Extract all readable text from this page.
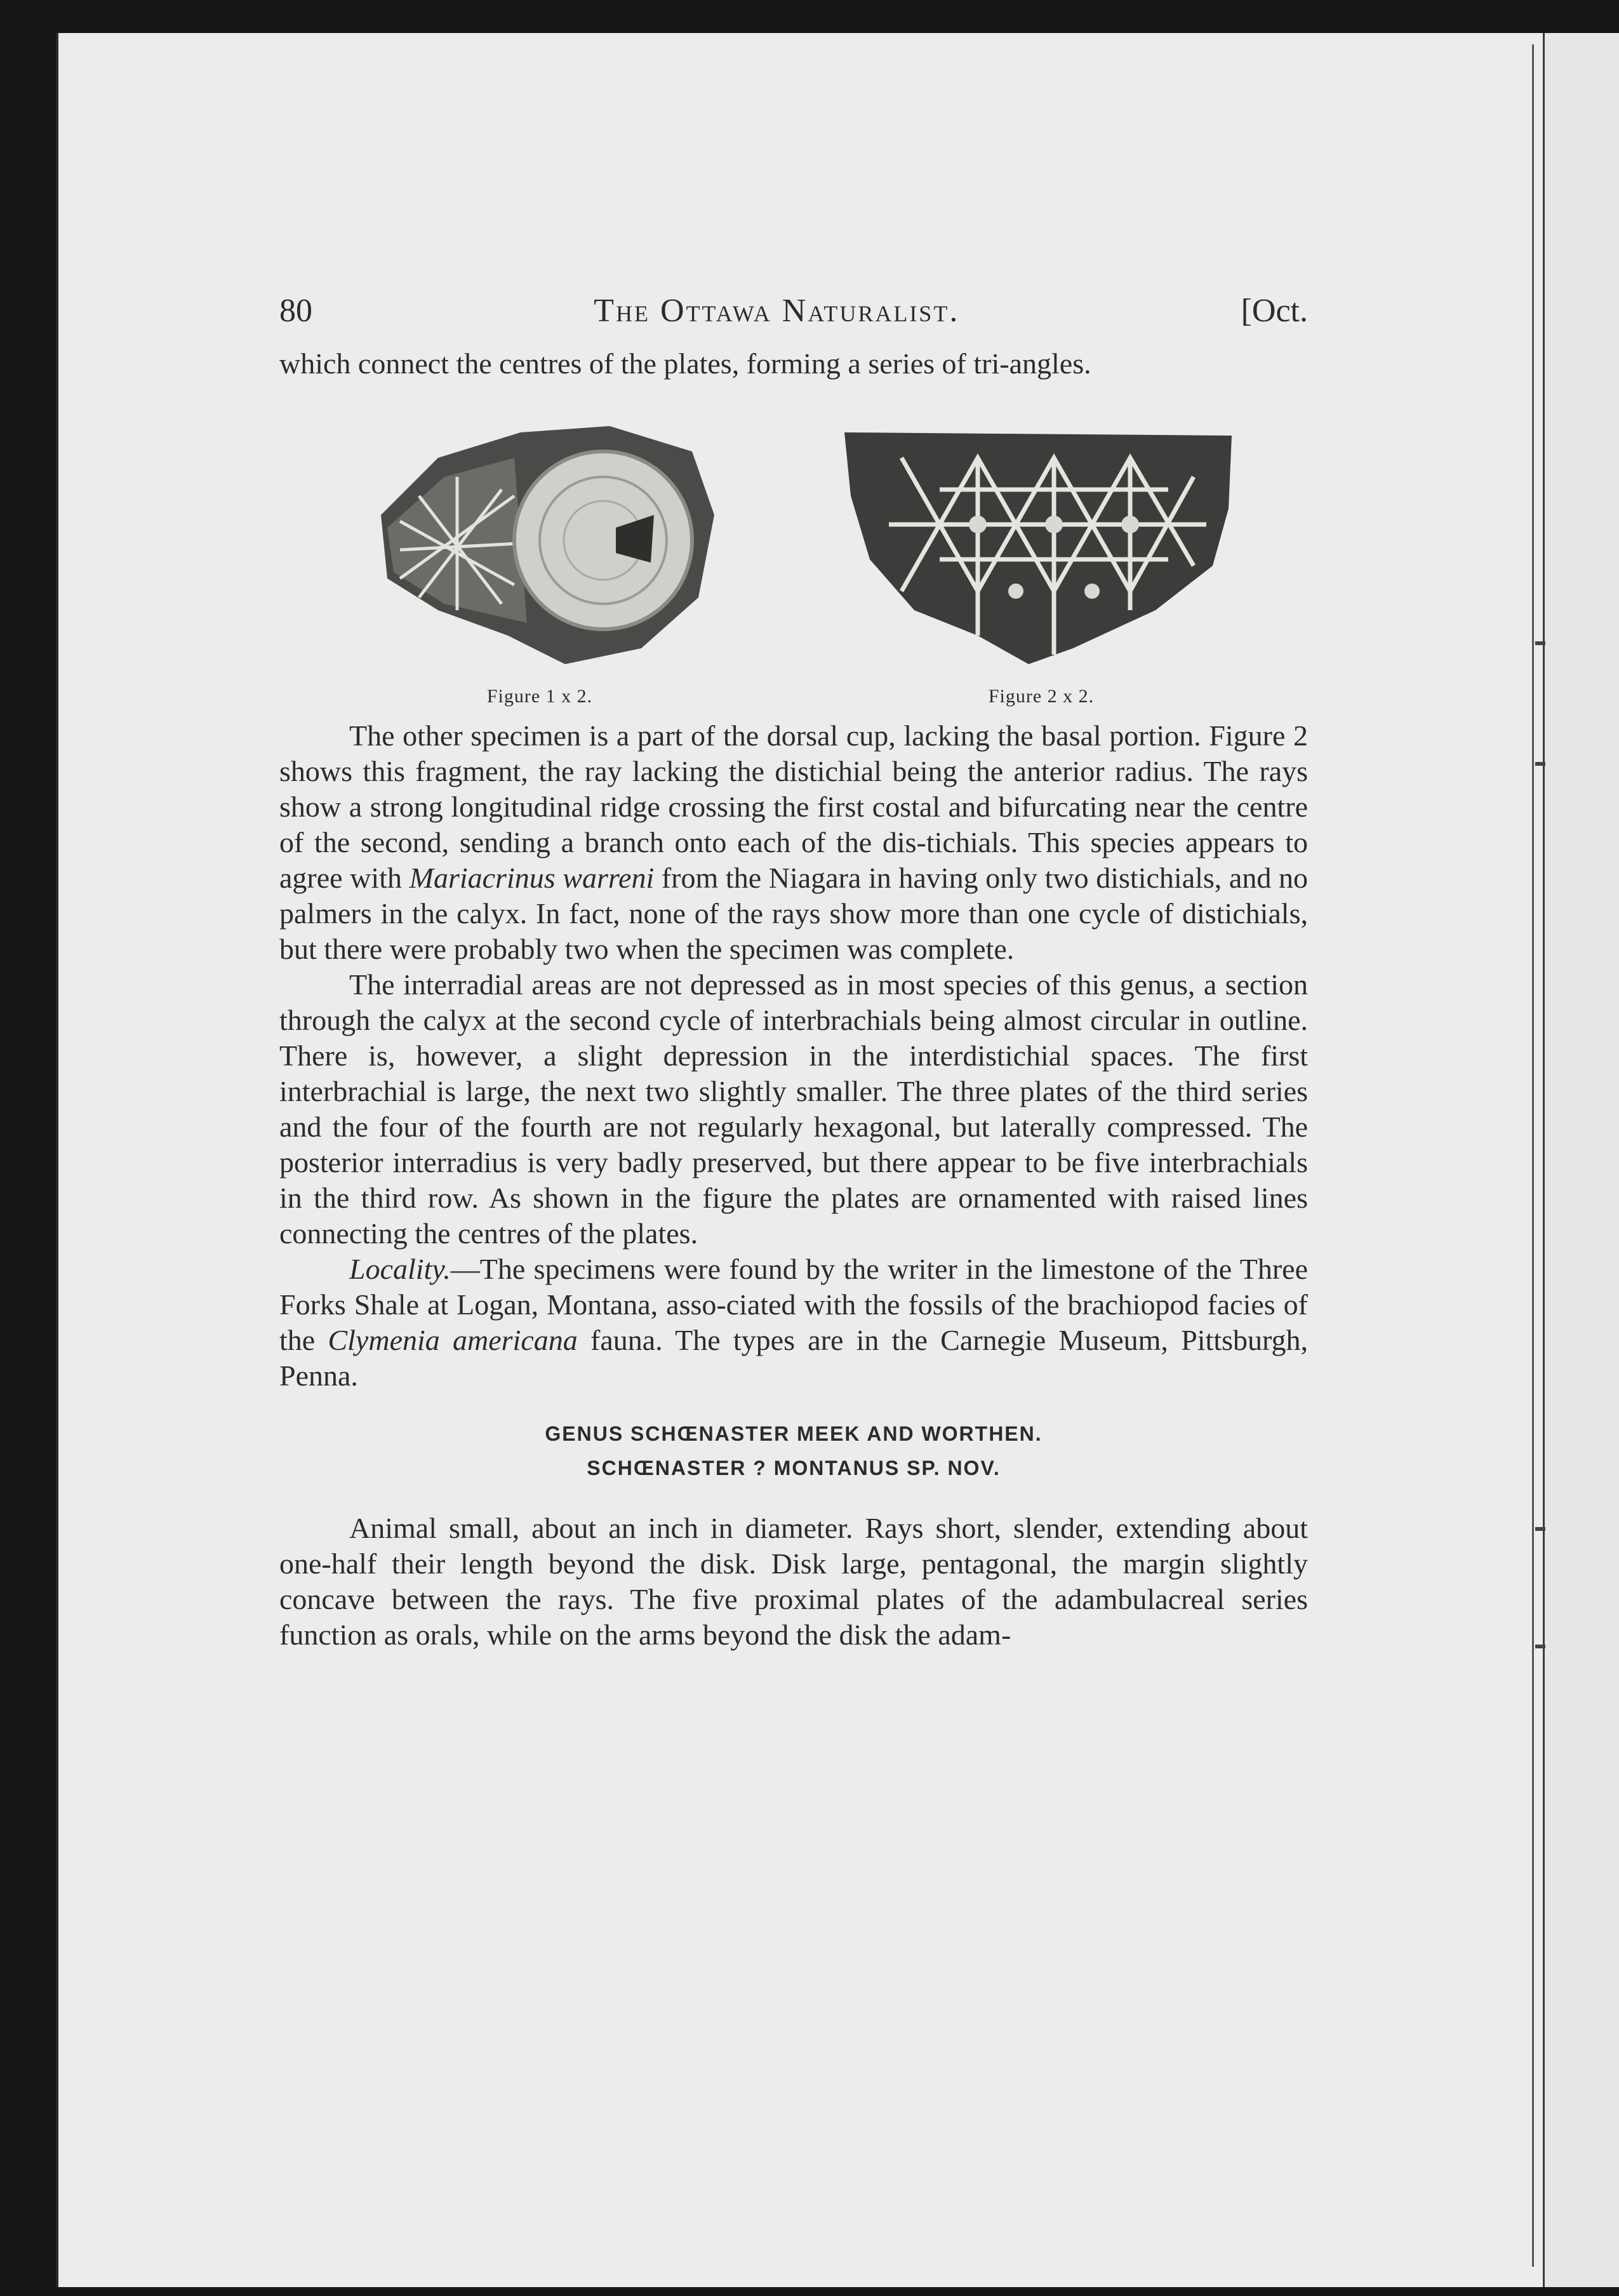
80	The Ottawa Naturalist.	[Oct.

which connect the centres of the plates, forming a series of tri-angles.

Figure 1 x 2.	Figure 2 x 2.

The other specimen is a part of the dorsal cup, lacking the basal portion. Figure 2 shows this fragment, the ray lacking the distichial being the anterior radius. The rays show a strong longitudinal ridge crossing the first costal and bifurcating near the centre of the second, sending a branch onto each of the dis-tichials. This species appears to agree with Mariacrinus warreni from the Niagara in having only two distichials, and no palmers in the calyx. In fact, none of the rays show more than one cycle of distichials, but there were probably two when the specimen was complete.

The interradial areas are not depressed as in most species of this genus, a section through the calyx at the second cycle of interbrachials being almost circular in outline. There is, however, a slight depression in the interdistichial spaces. The first interbrachial is large, the next two slightly smaller. The three plates of the third series and the four of the fourth are not regularly hexagonal, but laterally compressed. The posterior interradius is very badly preserved, but there appear to be five interbrachials in the third row. As shown in the figure the plates are ornamented with raised lines connecting the centres of the plates.

Locality.—The specimens were found by the writer in the limestone of the Three Forks Shale at Logan, Montana, asso-ciated with the fossils of the brachiopod facies of the Clymenia americana fauna. The types are in the Carnegie Museum, Pittsburgh, Penna.

GENUS SCHŒNASTER MEEK AND WORTHEN.
SCHŒNASTER ? MONTANUS SP. NOV.

Animal small, about an inch in diameter. Rays short, slender, extending about one-half their length beyond the disk. Disk large, pentagonal, the margin slightly concave between the rays. The five proximal plates of the adambulacreal series function as orals, while on the arms beyond the disk the adam-
